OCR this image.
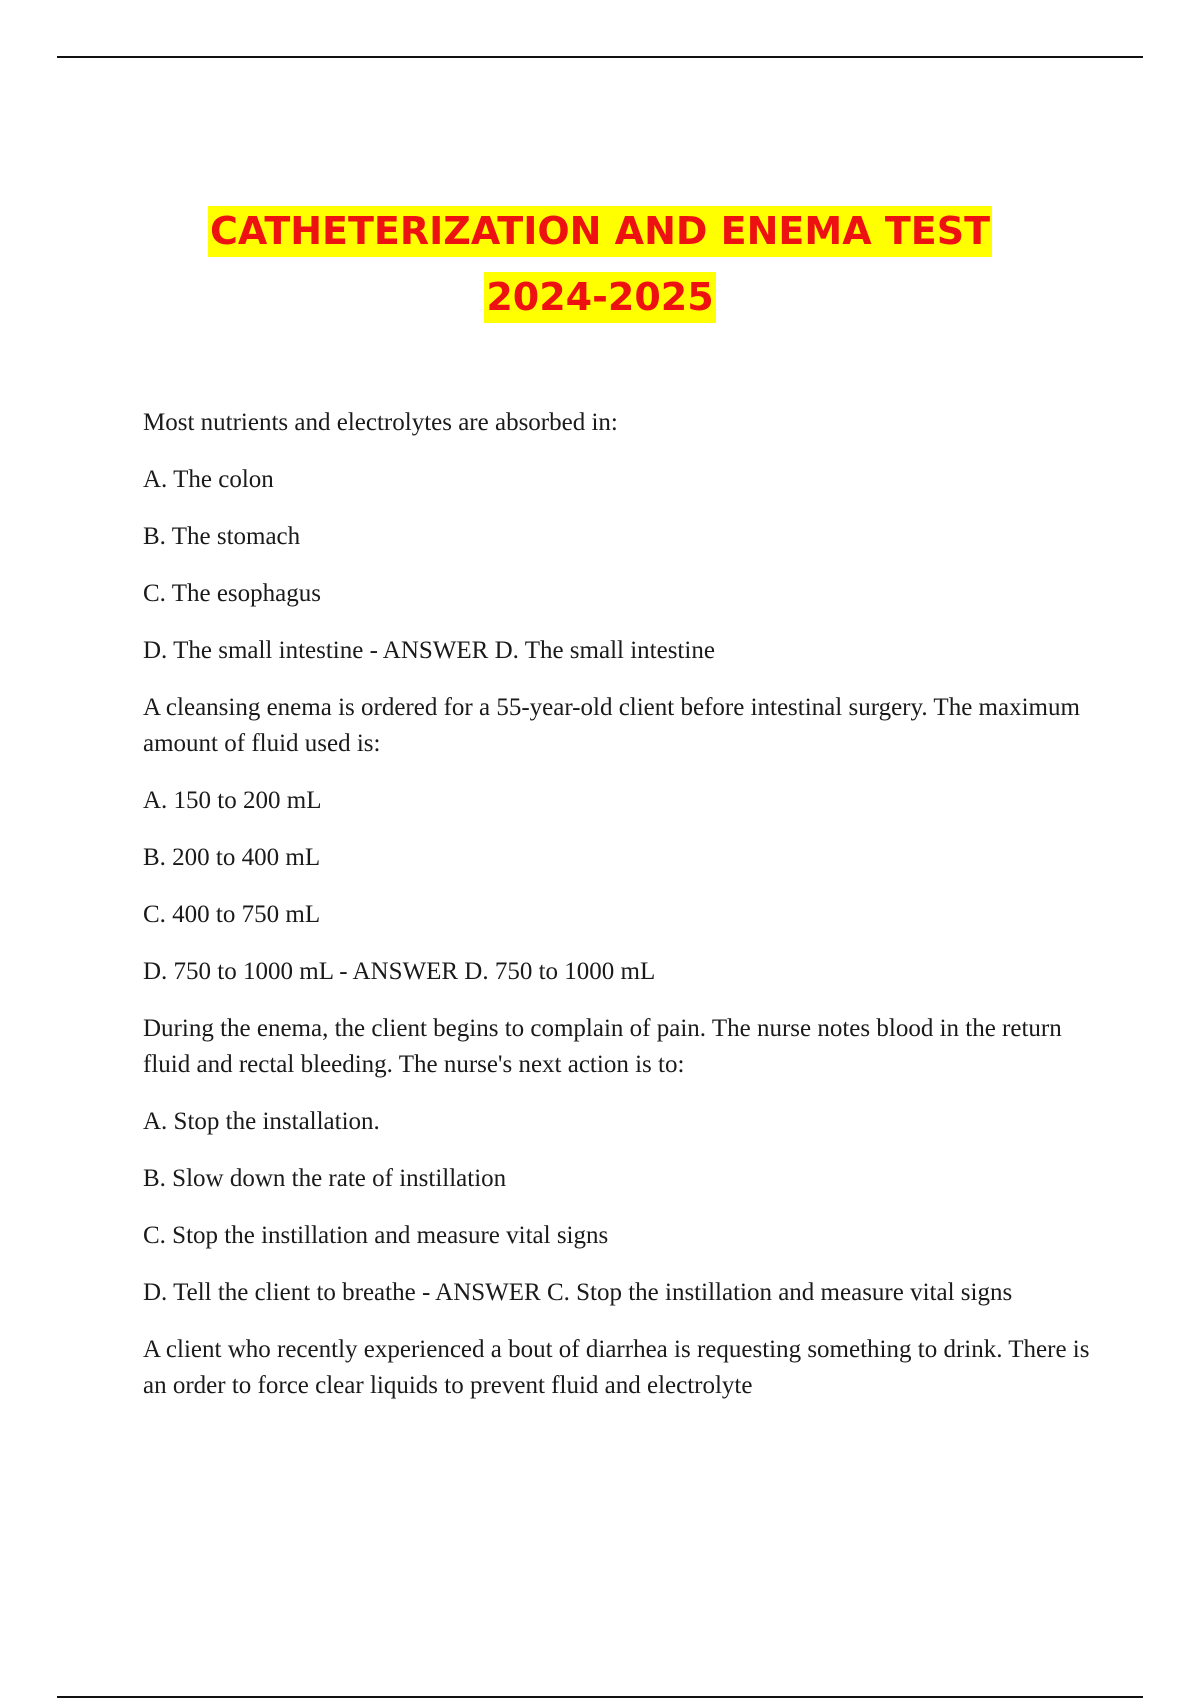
CATHETERIZATION AND ENEMA TEST
2024-2025

Most nutrients and electrolytes are absorbed in:

A. The colon

B. The stomach

C. The esophagus

D. The small intestine - ANSWER D. The small intestine

A cleansing enema is ordered for a 55-year-old client before intestinal surgery. The maximum amount of fluid used is:

A. 150 to 200 mL

B. 200 to 400 mL

C. 400 to 750 mL

D. 750 to 1000 mL - ANSWER D. 750 to 1000 mL

During the enema, the client begins to complain of pain. The nurse notes blood in the return fluid and rectal bleeding. The nurse's next action is to:

A. Stop the installation.

B. Slow down the rate of instillation

C. Stop the instillation and measure vital signs

D. Tell the client to breathe - ANSWER C. Stop the instillation and measure vital signs

A client who recently experienced a bout of diarrhea is requesting something to drink. There is an order to force clear liquids to prevent fluid and electrolyte
